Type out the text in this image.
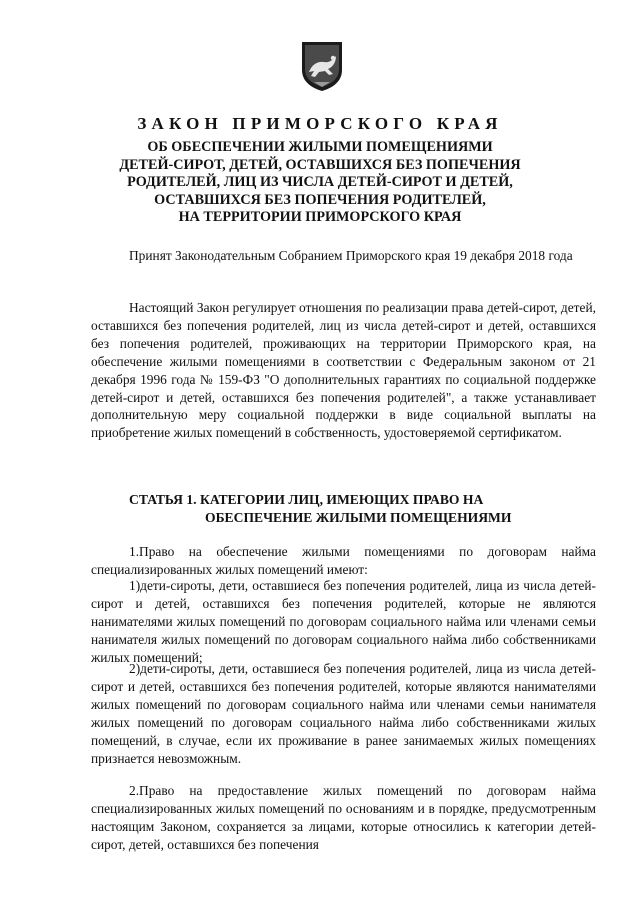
ЗАКОН ПРИМОРСКОГО КРАЯ
ОБ ОБЕСПЕЧЕНИИ ЖИЛЫМИ ПОМЕЩЕНИЯМИ
ДЕТЕЙ-СИРОТ, ДЕТЕЙ, ОСТАВШИХСЯ БЕЗ ПОПЕЧЕНИЯ
РОДИТЕЛЕЙ, ЛИЦ ИЗ ЧИСЛА ДЕТЕЙ-СИРОТ И ДЕТЕЙ,
ОСТАВШИХСЯ БЕЗ ПОПЕЧЕНИЯ РОДИТЕЛЕЙ,
НА ТЕРРИТОРИИ ПРИМОРСКОГО КРАЯ

Принят Законодательным Собранием Приморского края 19 декабря 2018 года

Настоящий Закон регулирует отношения по реализации права детей-сирот, детей, оставшихся без попечения родителей, лиц из числа детей-сирот и детей, оставшихся без попечения родителей, проживающих на территории Приморского края, на обеспечение жилыми помещениями в соответствии с Федеральным законом от 21 декабря 1996 года № 159-ФЗ "О дополнительных гарантиях по социальной поддержке детей-сирот и детей, оставшихся без попечения родителей", а также устанавливает дополнительную меру социальной поддержки в виде социальной выплаты на приобретение жилых помещений в собственность, удостоверяемой сертификатом.

СТАТЬЯ 1. КАТЕГОРИИ ЛИЦ, ИМЕЮЩИХ ПРАВО НА
ОБЕСПЕЧЕНИЕ ЖИЛЫМИ ПОМЕЩЕНИЯМИ

1.Право на обеспечение жилыми помещениями по договорам найма специализированных жилых помещений имеют:

1)дети-сироты, дети, оставшиеся без попечения родителей, лица из числа детей-сирот и детей, оставшихся без попечения родителей, которые не являются нанимателями жилых помещений по договорам социального найма или членами семьи нанимателя жилых помещений по договорам социального найма либо собственниками жилых помещений;

2)дети-сироты, дети, оставшиеся без попечения родителей, лица из числа детей-сирот и детей, оставшихся без попечения родителей, которые являются нанимателями жилых помещений по договорам социального найма или членами семьи нанимателя жилых помещений по договорам социального найма либо собственниками жилых помещений, в случае, если их проживание в ранее занимаемых жилых помещениях признается невозможным.

2.Право на предоставление жилых помещений по договорам найма специализированных жилых помещений по основаниям и в порядке, предусмотренным настоящим Законом, сохраняется за лицами, которые относились к категории детей-сирот, детей, оставшихся без попечения
